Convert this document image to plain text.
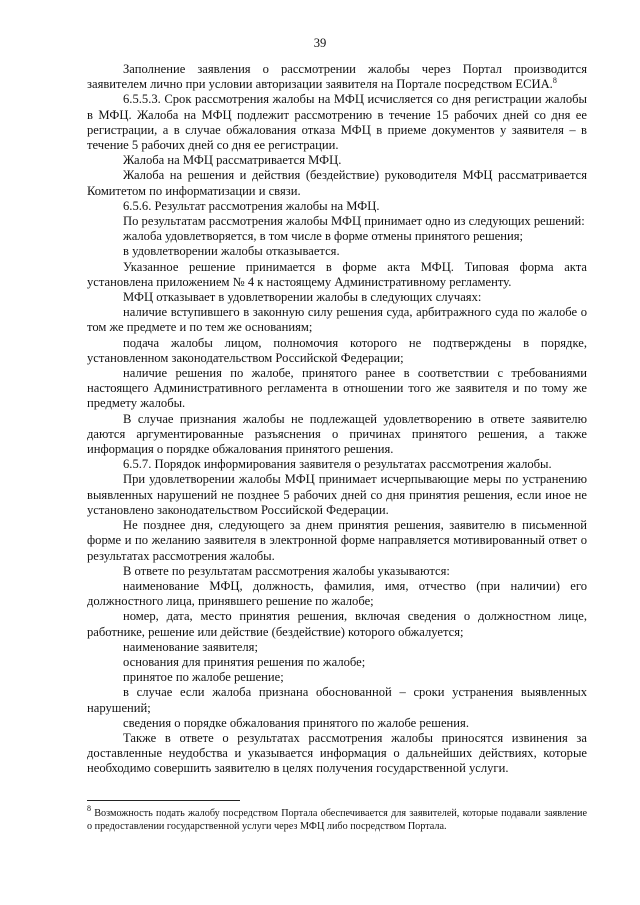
39

Заполнение заявления о рассмотрении жалобы через Портал производится заявителем лично при условии авторизации заявителя на Портале посредством ЕСИА.$^8$

6.5.5.3. Срок рассмотрения жалобы на МФЦ исчисляется со дня регистрации жалобы в МФЦ. Жалоба на МФЦ подлежит рассмотрению в течение 15 рабочих дней со дня ее регистрации, а в случае обжалования отказа МФЦ в приеме документов у заявителя – в течение 5 рабочих дней со дня ее регистрации.

Жалоба на МФЦ рассматривается МФЦ.

Жалоба на решения и действия (бездействие) руководителя МФЦ рассматривается Комитетом по информатизации и связи.

6.5.6. Результат рассмотрения жалобы на МФЦ.

По результатам рассмотрения жалобы МФЦ принимает одно из следующих решений:

жалоба удовлетворяется, в том числе в форме отмены принятого решения;

в удовлетворении жалобы отказывается.

Указанное решение принимается в форме акта МФЦ. Типовая форма акта установлена приложением № 4 к настоящему Административному регламенту.

МФЦ отказывает в удовлетворении жалобы в следующих случаях:

наличие вступившего в законную силу решения суда, арбитражного суда по жалобе о том же предмете и по тем же основаниям;

подача жалобы лицом, полномочия которого не подтверждены в порядке, установленном законодательством Российской Федерации;

наличие решения по жалобе, принятого ранее в соответствии с требованиями настоящего Административного регламента в отношении того же заявителя и по тому же предмету жалобы.

В случае признания жалобы не подлежащей удовлетворению в ответе заявителю даются аргументированные разъяснения о причинах принятого решения, а также информация о порядке обжалования принятого решения.

6.5.7. Порядок информирования заявителя о результатах рассмотрения жалобы.

При удовлетворении жалобы МФЦ принимает исчерпывающие меры по устранению выявленных нарушений не позднее 5 рабочих дней со дня принятия решения, если иное не установлено законодательством Российской Федерации.

Не позднее дня, следующего за днем принятия решения, заявителю в письменной форме и по желанию заявителя в электронной форме направляется мотивированный ответ о результатах рассмотрения жалобы.

В ответе по результатам рассмотрения жалобы указываются:

наименование МФЦ, должность, фамилия, имя, отчество (при наличии) его должностного лица, принявшего решение по жалобе;

номер, дата, место принятия решения, включая сведения о должностном лице, работнике, решение или действие (бездействие) которого обжалуется;

наименование заявителя;

основания для принятия решения по жалобе;

принятое по жалобе решение;

в случае если жалоба признана обоснованной – сроки устранения выявленных нарушений;

сведения о порядке обжалования принятого по жалобе решения.

Также в ответе о результатах рассмотрения жалобы приносятся извинения за доставленные неудобства и указывается информация о дальнейших действиях, которые необходимо совершить заявителю в целях получения государственной услуги.

$^8$ Возможность подать жалобу посредством Портала обеспечивается для заявителей, которые подавали заявление о предоставлении государственной услуги через МФЦ либо посредством Портала.
